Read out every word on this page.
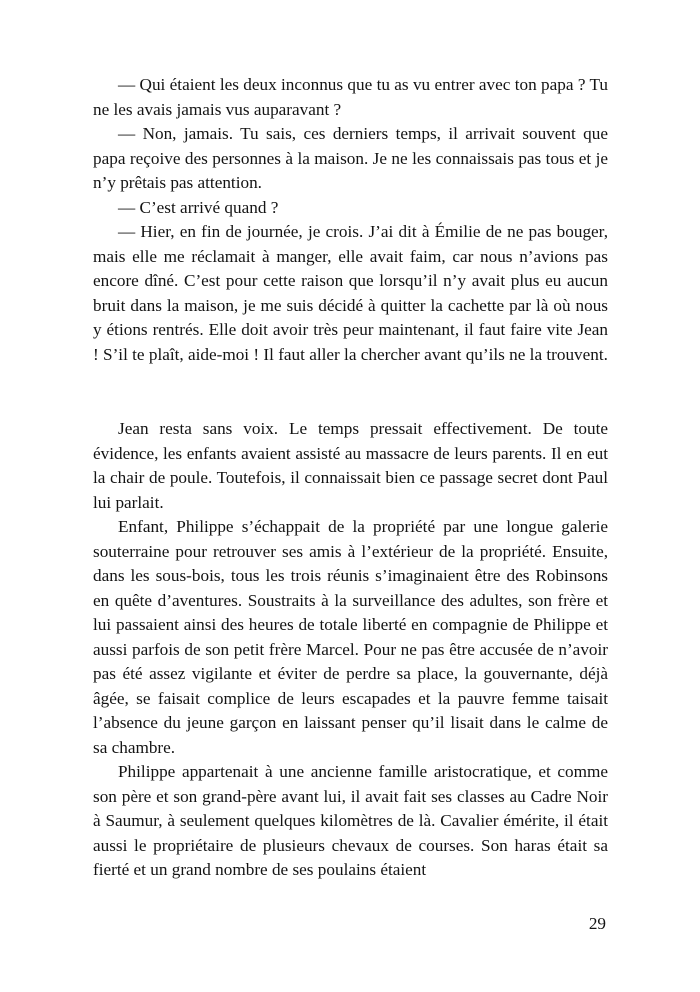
— Qui étaient les deux inconnus que tu as vu entrer avec ton papa ? Tu ne les avais jamais vus auparavant ?

— Non, jamais. Tu sais, ces derniers temps, il arrivait souvent que papa reçoive des personnes à la maison. Je ne les connaissais pas tous et je n’y prêtais pas attention.

— C’est arrivé quand ?

— Hier, en fin de journée, je crois. J’ai dit à Émilie de ne pas bouger, mais elle me réclamait à manger, elle avait faim, car nous n’avions pas encore dîné. C’est pour cette raison que lorsqu’il n’y avait plus eu aucun bruit dans la maison, je me suis décidé à quitter la cachette par là où nous y étions rentrés. Elle doit avoir très peur maintenant, il faut faire vite Jean ! S’il te plaît, aide-moi ! Il faut aller la chercher avant qu’ils ne la trouvent.

Jean resta sans voix. Le temps pressait effectivement. De toute évidence, les enfants avaient assisté au massacre de leurs parents. Il en eut la chair de poule. Toutefois, il connaissait bien ce passage secret dont Paul lui parlait.

Enfant, Philippe s’échappait de la propriété par une longue galerie souterraine pour retrouver ses amis à l’extérieur de la propriété. Ensuite, dans les sous-bois, tous les trois réunis s’imaginaient être des Robinsons en quête d’aventures. Soustraits à la surveillance des adultes, son frère et lui passaient ainsi des heures de totale liberté en compagnie de Philippe et aussi parfois de son petit frère Marcel. Pour ne pas être accusée de n’avoir pas été assez vigilante et éviter de perdre sa place, la gouvernante, déjà âgée, se faisait complice de leurs escapades et la pauvre femme taisait l’absence du jeune garçon en laissant penser qu’il lisait dans le calme de sa chambre.

Philippe appartenait à une ancienne famille aristocratique, et comme son père et son grand-père avant lui, il avait fait ses classes au Cadre Noir à Saumur, à seulement quelques kilomètres de là. Cavalier émérite, il était aussi le propriétaire de plusieurs chevaux de courses. Son haras était sa fierté et un grand nombre de ses poulains étaient

29
